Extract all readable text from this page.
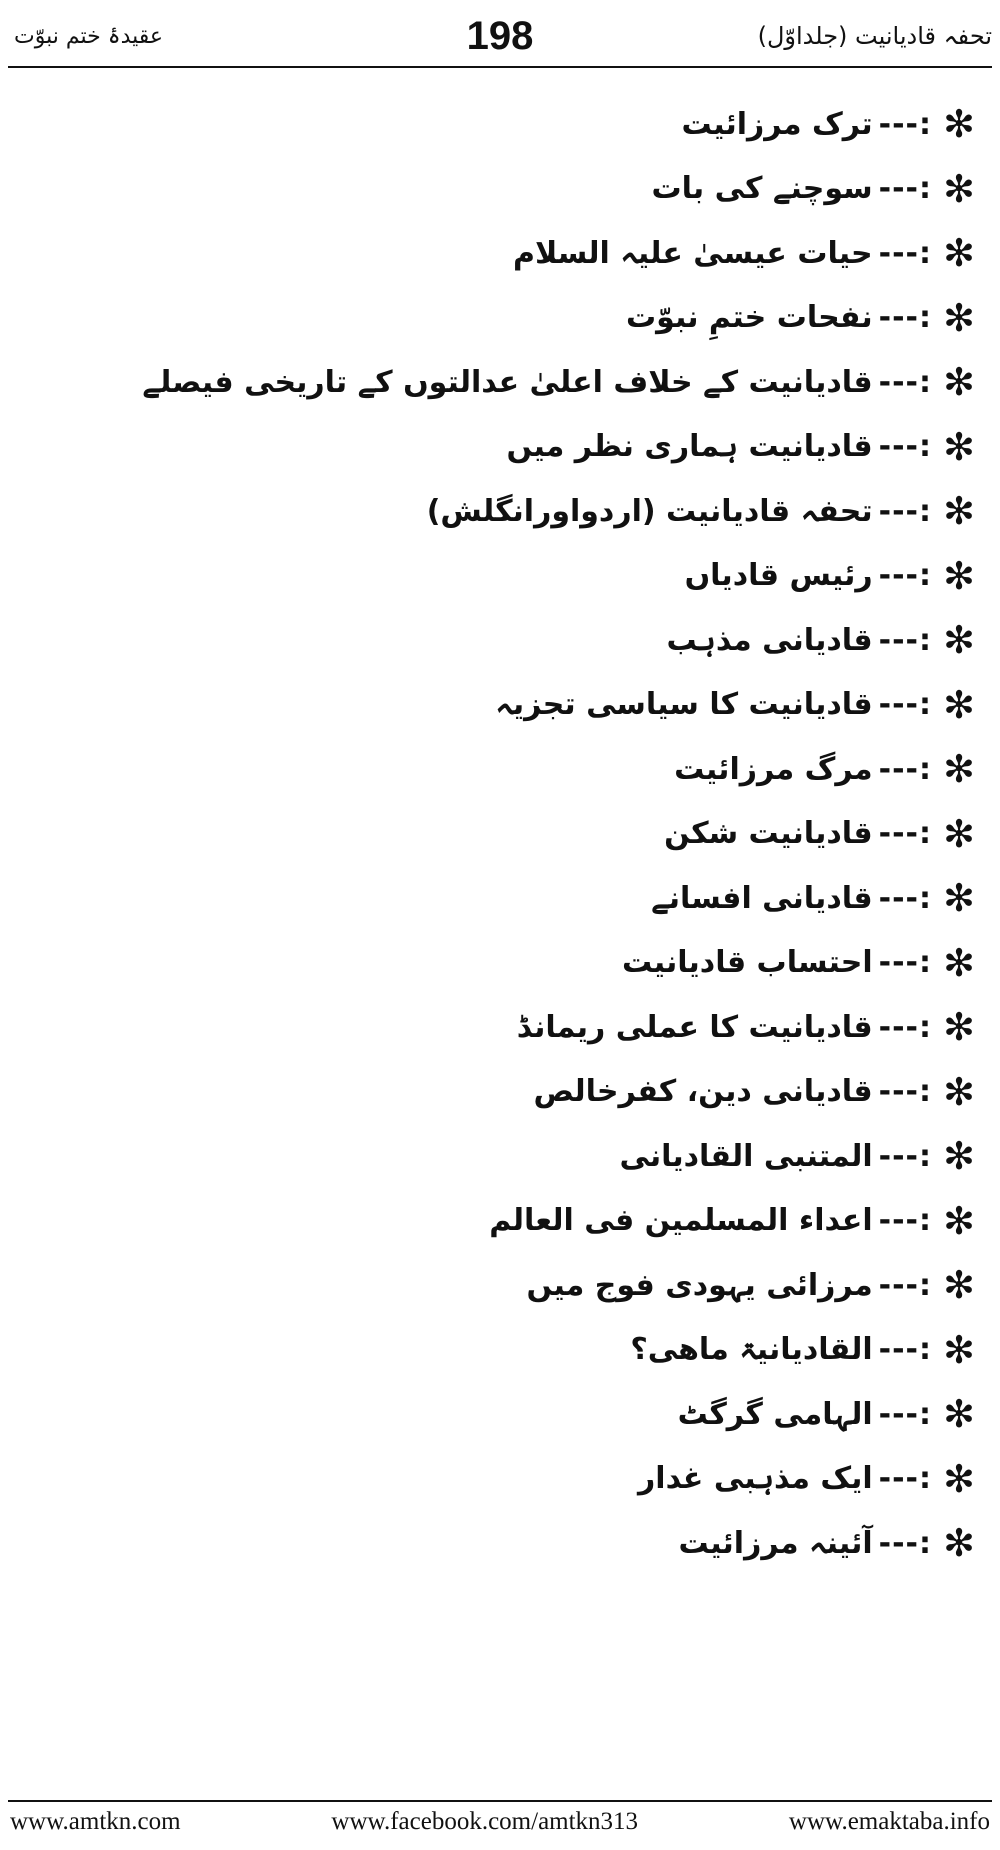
تحفہ قادیانیت (جلداوّل)
198
عقیدۂ ختم نبوّت
✻
:---
ترک مرزائیت
✻
:---
سوچنے کی بات
✻
:---
حیات عیسیٰ علیہ السلام
✻
:---
نفحات ختمِ نبوّت
✻
:---
قادیانیت کے خلاف اعلیٰ عدالتوں کے تاریخی فیصلے
✻
:---
قادیانیت ہماری نظر میں
✻
:---
تحفہ قادیانیت (اردواورانگلش)
✻
:---
رئیس قادیاں
✻
:---
قادیانی مذہب
✻
:---
قادیانیت کا سیاسی تجزیہ
✻
:---
مرگ مرزائیت
✻
:---
قادیانیت شکن
✻
:---
قادیانی افسانے
✻
:---
احتساب قادیانیت
✻
:---
قادیانیت کا عملی ریمانڈ
✻
:---
قادیانی دین، کفرخالص
✻
:---
المتنبی القادیانی
✻
:---
اعداء المسلمین فی العالم
✻
:---
مرزائی یہودی فوج میں
✻
:---
القادیانیۃ ماھی؟
✻
:---
الہامی گرگٹ
✻
:---
ایک مذہبی غدار
✻
:---
آئینہ مرزائیت
www.amtkn.com	www.facebook.com/amtkn313	www.emaktaba.info
